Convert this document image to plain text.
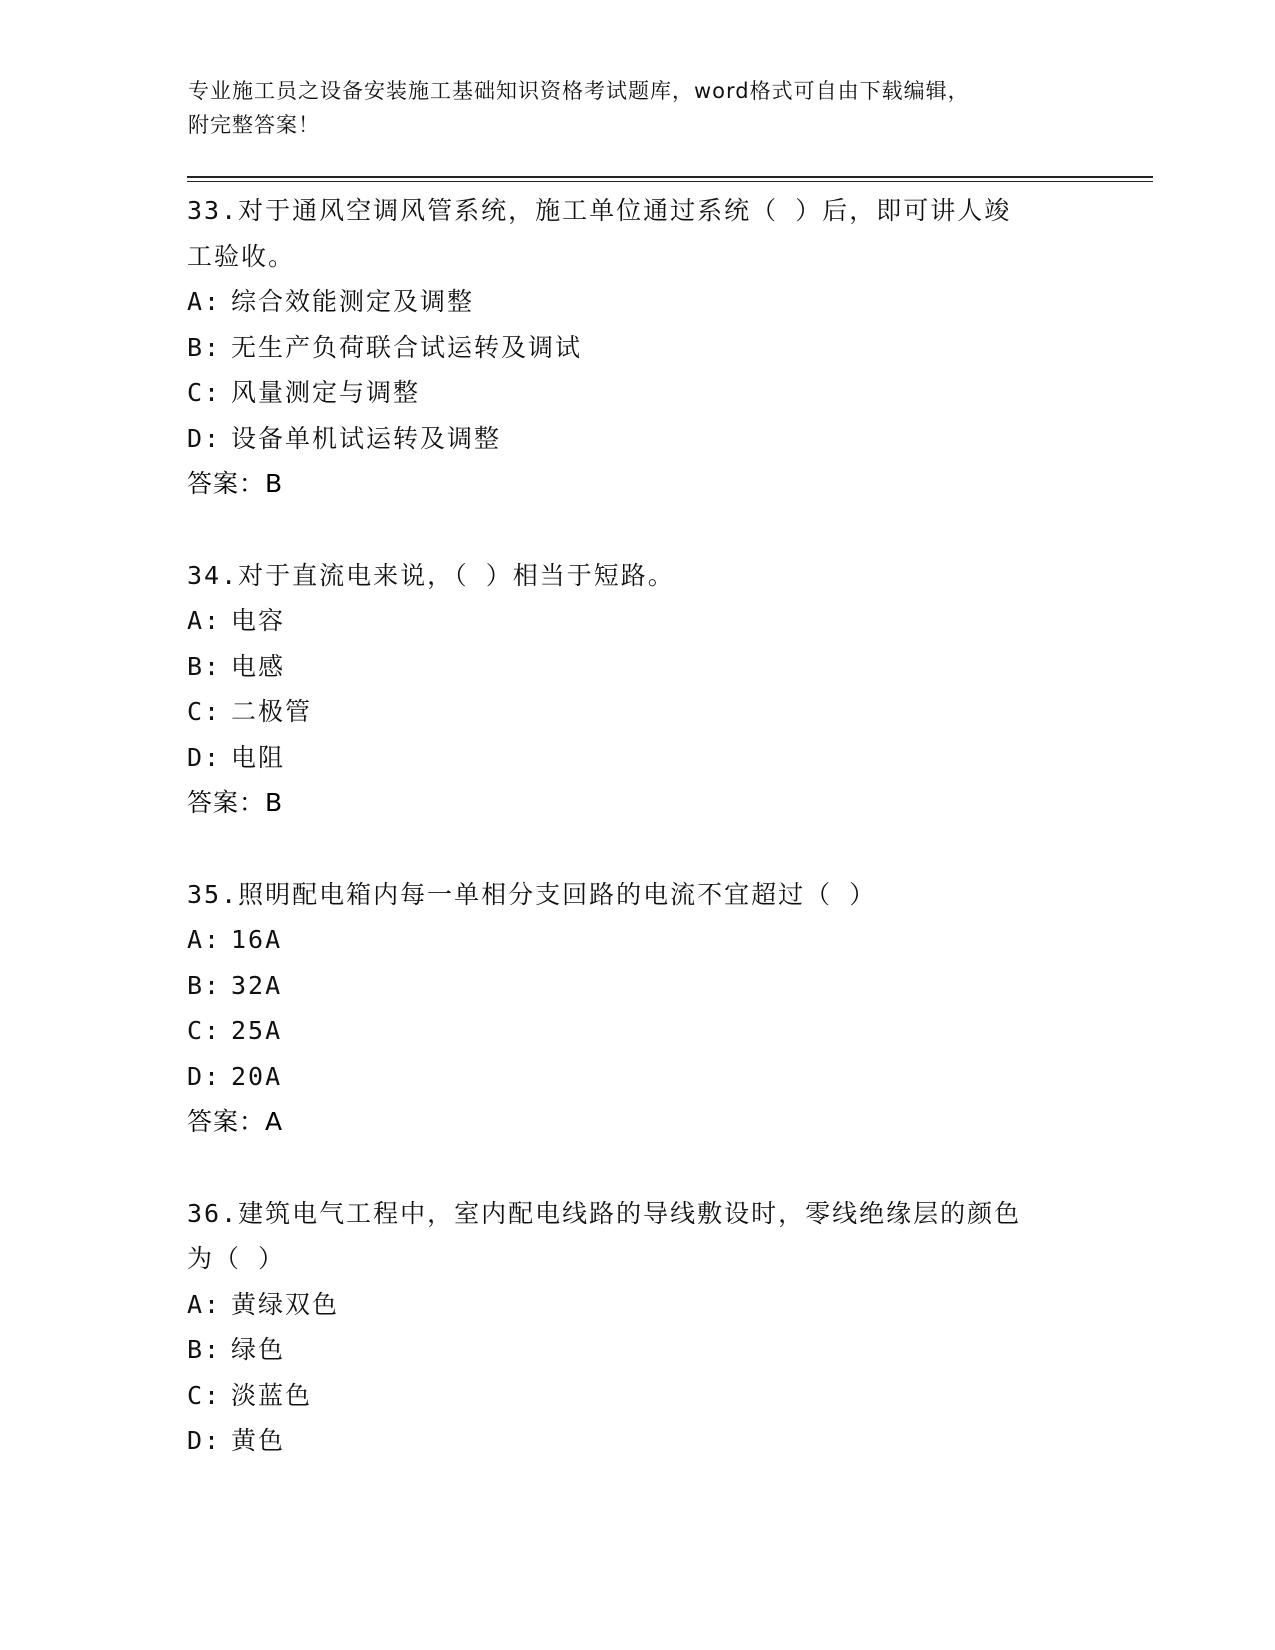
专业施工员之设备安装施工基础知识资格考试题库，word格式可自由下载编辑，
附完整答案！
33.对于通风空调风管系统，施工单位通过系统（ ）后，即可讲人竣
工验收。
A: 综合效能测定及调整
B: 无生产负荷联合试运转及调试
C: 风量测定与调整
D: 设备单机试运转及调整
答案：B
34.对于直流电来说，（ ）相当于短路。
A: 电容
B: 电感
C: 二极管
D: 电阻
答案：B
35.照明配电箱内每一单相分支回路的电流不宜超过（ ）
A: 16A
B: 32A
C: 25A
D: 20A
答案：A
36.建筑电气工程中，室内配电线路的导线敷设时，零线绝缘层的颜色
为（ ）
A: 黄绿双色
B: 绿色
C: 淡蓝色
D: 黄色
